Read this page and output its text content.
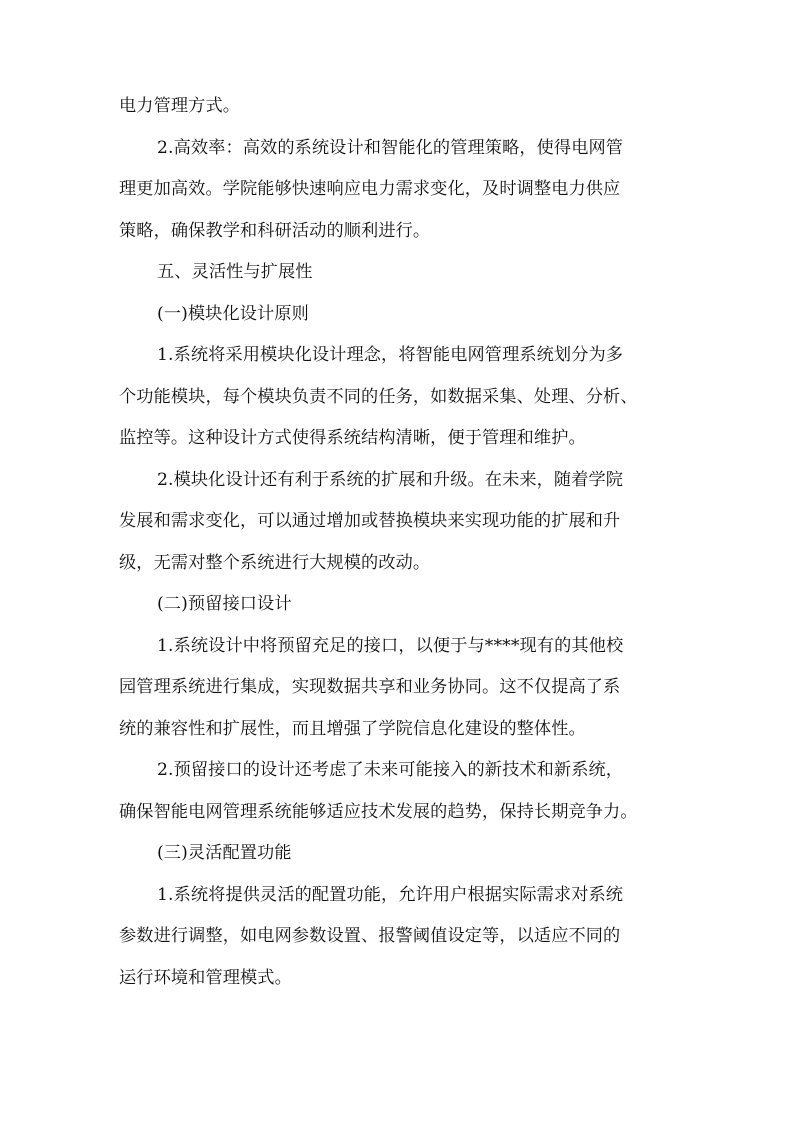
电力管理方式。
2.高效率：高效的系统设计和智能化的管理策略，使得电网管
理更加高效。学院能够快速响应电力需求变化，及时调整电力供应
策略，确保教学和科研活动的顺利进行。
五、灵活性与扩展性
(一)模块化设计原则
1.系统将采用模块化设计理念，将智能电网管理系统划分为多
个功能模块，每个模块负责不同的任务，如数据采集、处理、分析、
监控等。这种设计方式使得系统结构清晰，便于管理和维护。
2.模块化设计还有利于系统的扩展和升级。在未来，随着学院
发展和需求变化，可以通过增加或替换模块来实现功能的扩展和升
级，无需对整个系统进行大规模的改动。
(二)预留接口设计
1.系统设计中将预留充足的接口，以便于与****现有的其他校
园管理系统进行集成，实现数据共享和业务协同。这不仅提高了系
统的兼容性和扩展性，而且增强了学院信息化建设的整体性。
2.预留接口的设计还考虑了未来可能接入的新技术和新系统，
确保智能电网管理系统能够适应技术发展的趋势，保持长期竞争力。
(三)灵活配置功能
1.系统将提供灵活的配置功能，允许用户根据实际需求对系统
参数进行调整，如电网参数设置、报警阈值设定等，以适应不同的
运行环境和管理模式。
